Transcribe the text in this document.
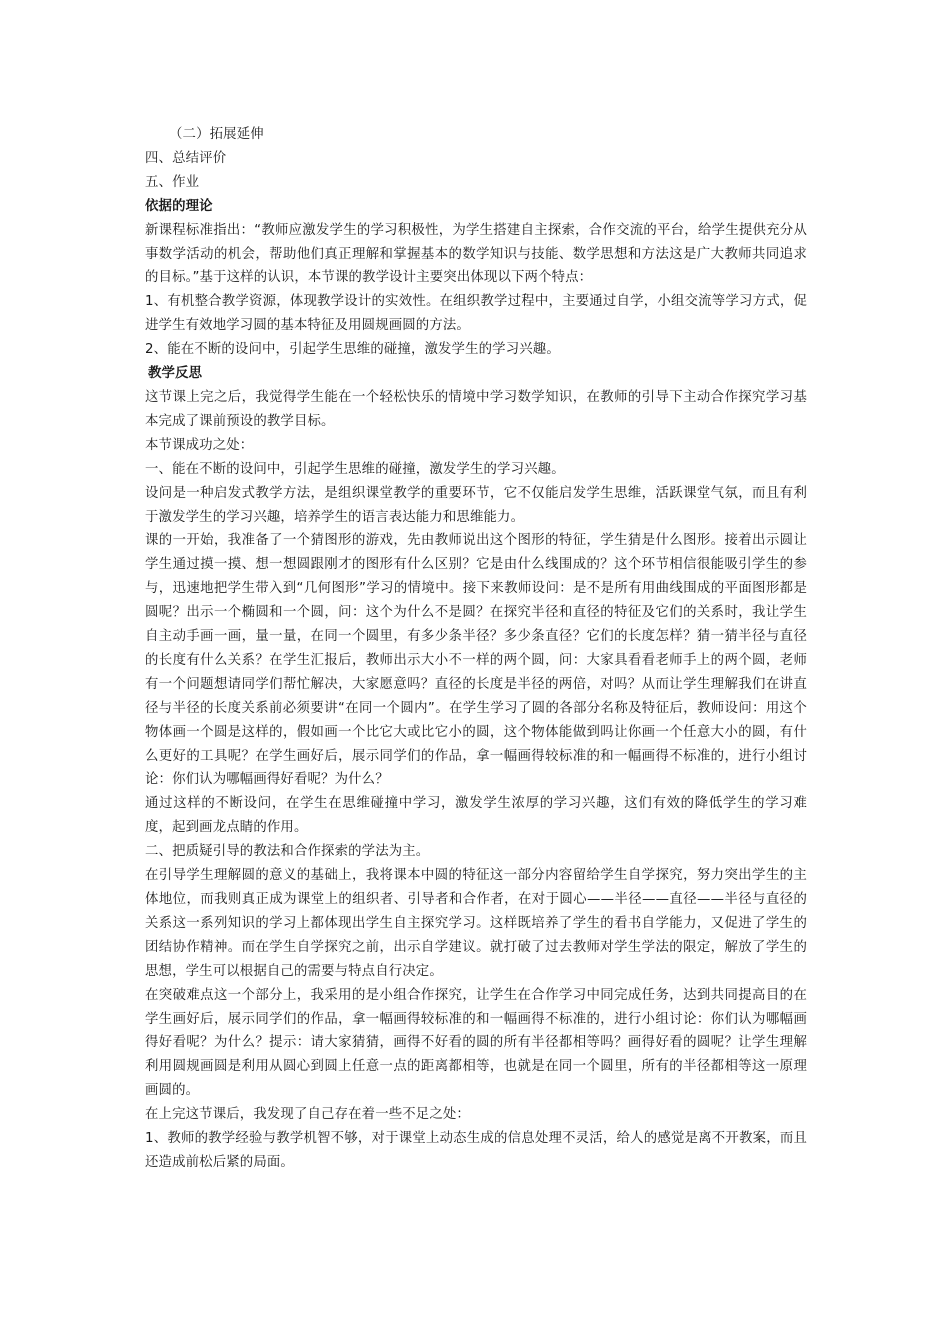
（二）拓展延伸

四、总结评价

五、作业

依据的理论

新课程标准指出：“教师应激发学生的学习积极性，为学生搭建自主探索，合作交流的平台，给学生提供充分从事数学活动的机会，帮助他们真正理解和掌握基本的数学知识与技能、数学思想和方法这是广大教师共同追求的目标。”基于这样的认识，本节课的教学设计主要突出体现以下两个特点：

1、有机整合教学资源，体现教学设计的实效性。在组织教学过程中，主要通过自学，小组交流等学习方式，促进学生有效地学习圆的基本特征及用圆规画圆的方法。

2、能在不断的设问中，引起学生思维的碰撞，激发学生的学习兴趣。

教学反思

这节课上完之后，我觉得学生能在一个轻松快乐的情境中学习数学知识，在教师的引导下主动合作探究学习基本完成了课前预设的教学目标。

本节课成功之处：

一、能在不断的设问中，引起学生思维的碰撞，激发学生的学习兴趣。

设问是一种启发式教学方法，是组织课堂教学的重要环节，它不仅能启发学生思维，活跃课堂气氛，而且有利于激发学生的学习兴趣，培养学生的语言表达能力和思维能力。

课的一开始，我准备了一个猜图形的游戏，先由教师说出这个图形的特征，学生猜是什么图形。接着出示圆让学生通过摸一摸、想一想圆跟刚才的图形有什么区别？它是由什么线围成的？这个环节相信很能吸引学生的参与，迅速地把学生带入到“几何图形”学习的情境中。接下来教师设问：是不是所有用曲线围成的平面图形都是圆呢？出示一个椭圆和一个圆，问：这个为什么不是圆？在探究半径和直径的特征及它们的关系时，我让学生自主动手画一画，量一量，在同一个圆里，有多少条半径？多少条直径？它们的长度怎样？猜一猜半径与直径的长度有什么关系？在学生汇报后，教师出示大小不一样的两个圆，问：大家具看看老师手上的两个圆，老师有一个问题想请同学们帮忙解决，大家愿意吗？直径的长度是半径的两倍，对吗？从而让学生理解我们在讲直径与半径的长度关系前必须要讲“在同一个圆内”。在学生学习了圆的各部分名称及特征后，教师设问：用这个物体画一个圆是这样的，假如画一个比它大或比它小的圆，这个物体能做到吗让你画一个任意大小的圆，有什么更好的工具呢？在学生画好后，展示同学们的作品，拿一幅画得较标准的和一幅画得不标准的，进行小组讨论：你们认为哪幅画得好看呢？为什么？

通过这样的不断设问，在学生在思维碰撞中学习，激发学生浓厚的学习兴趣，这们有效的降低学生的学习难度，起到画龙点睛的作用。

二、把质疑引导的教法和合作探索的学法为主。

在引导学生理解圆的意义的基础上，我将课本中圆的特征这一部分内容留给学生自学探究，努力突出学生的主体地位，而我则真正成为课堂上的组织者、引导者和合作者，在对于圆心——半径——直径——半径与直径的关系这一系列知识的学习上都体现出学生自主探究学习。这样既培养了学生的看书自学能力，又促进了学生的团结协作精神。而在学生自学探究之前，出示自学建议。就打破了过去教师对学生学法的限定，解放了学生的思想，学生可以根据自己的需要与特点自行决定。

在突破难点这一个部分上，我采用的是小组合作探究，让学生在合作学习中同完成任务，达到共同提高目的在学生画好后，展示同学们的作品，拿一幅画得较标准的和一幅画得不标准的，进行小组讨论：你们认为哪幅画得好看呢？为什么？提示：请大家猜猜，画得不好看的圆的所有半径都相等吗？画得好看的圆呢？让学生理解利用圆规画圆是利用从圆心到圆上任意一点的距离都相等，也就是在同一个圆里，所有的半径都相等这一原理画圆的。

在上完这节课后，我发现了自己存在着一些不足之处：

1、教师的教学经验与教学机智不够，对于课堂上动态生成的信息处理不灵活，给人的感觉是离不开教案，而且还造成前松后紧的局面。
